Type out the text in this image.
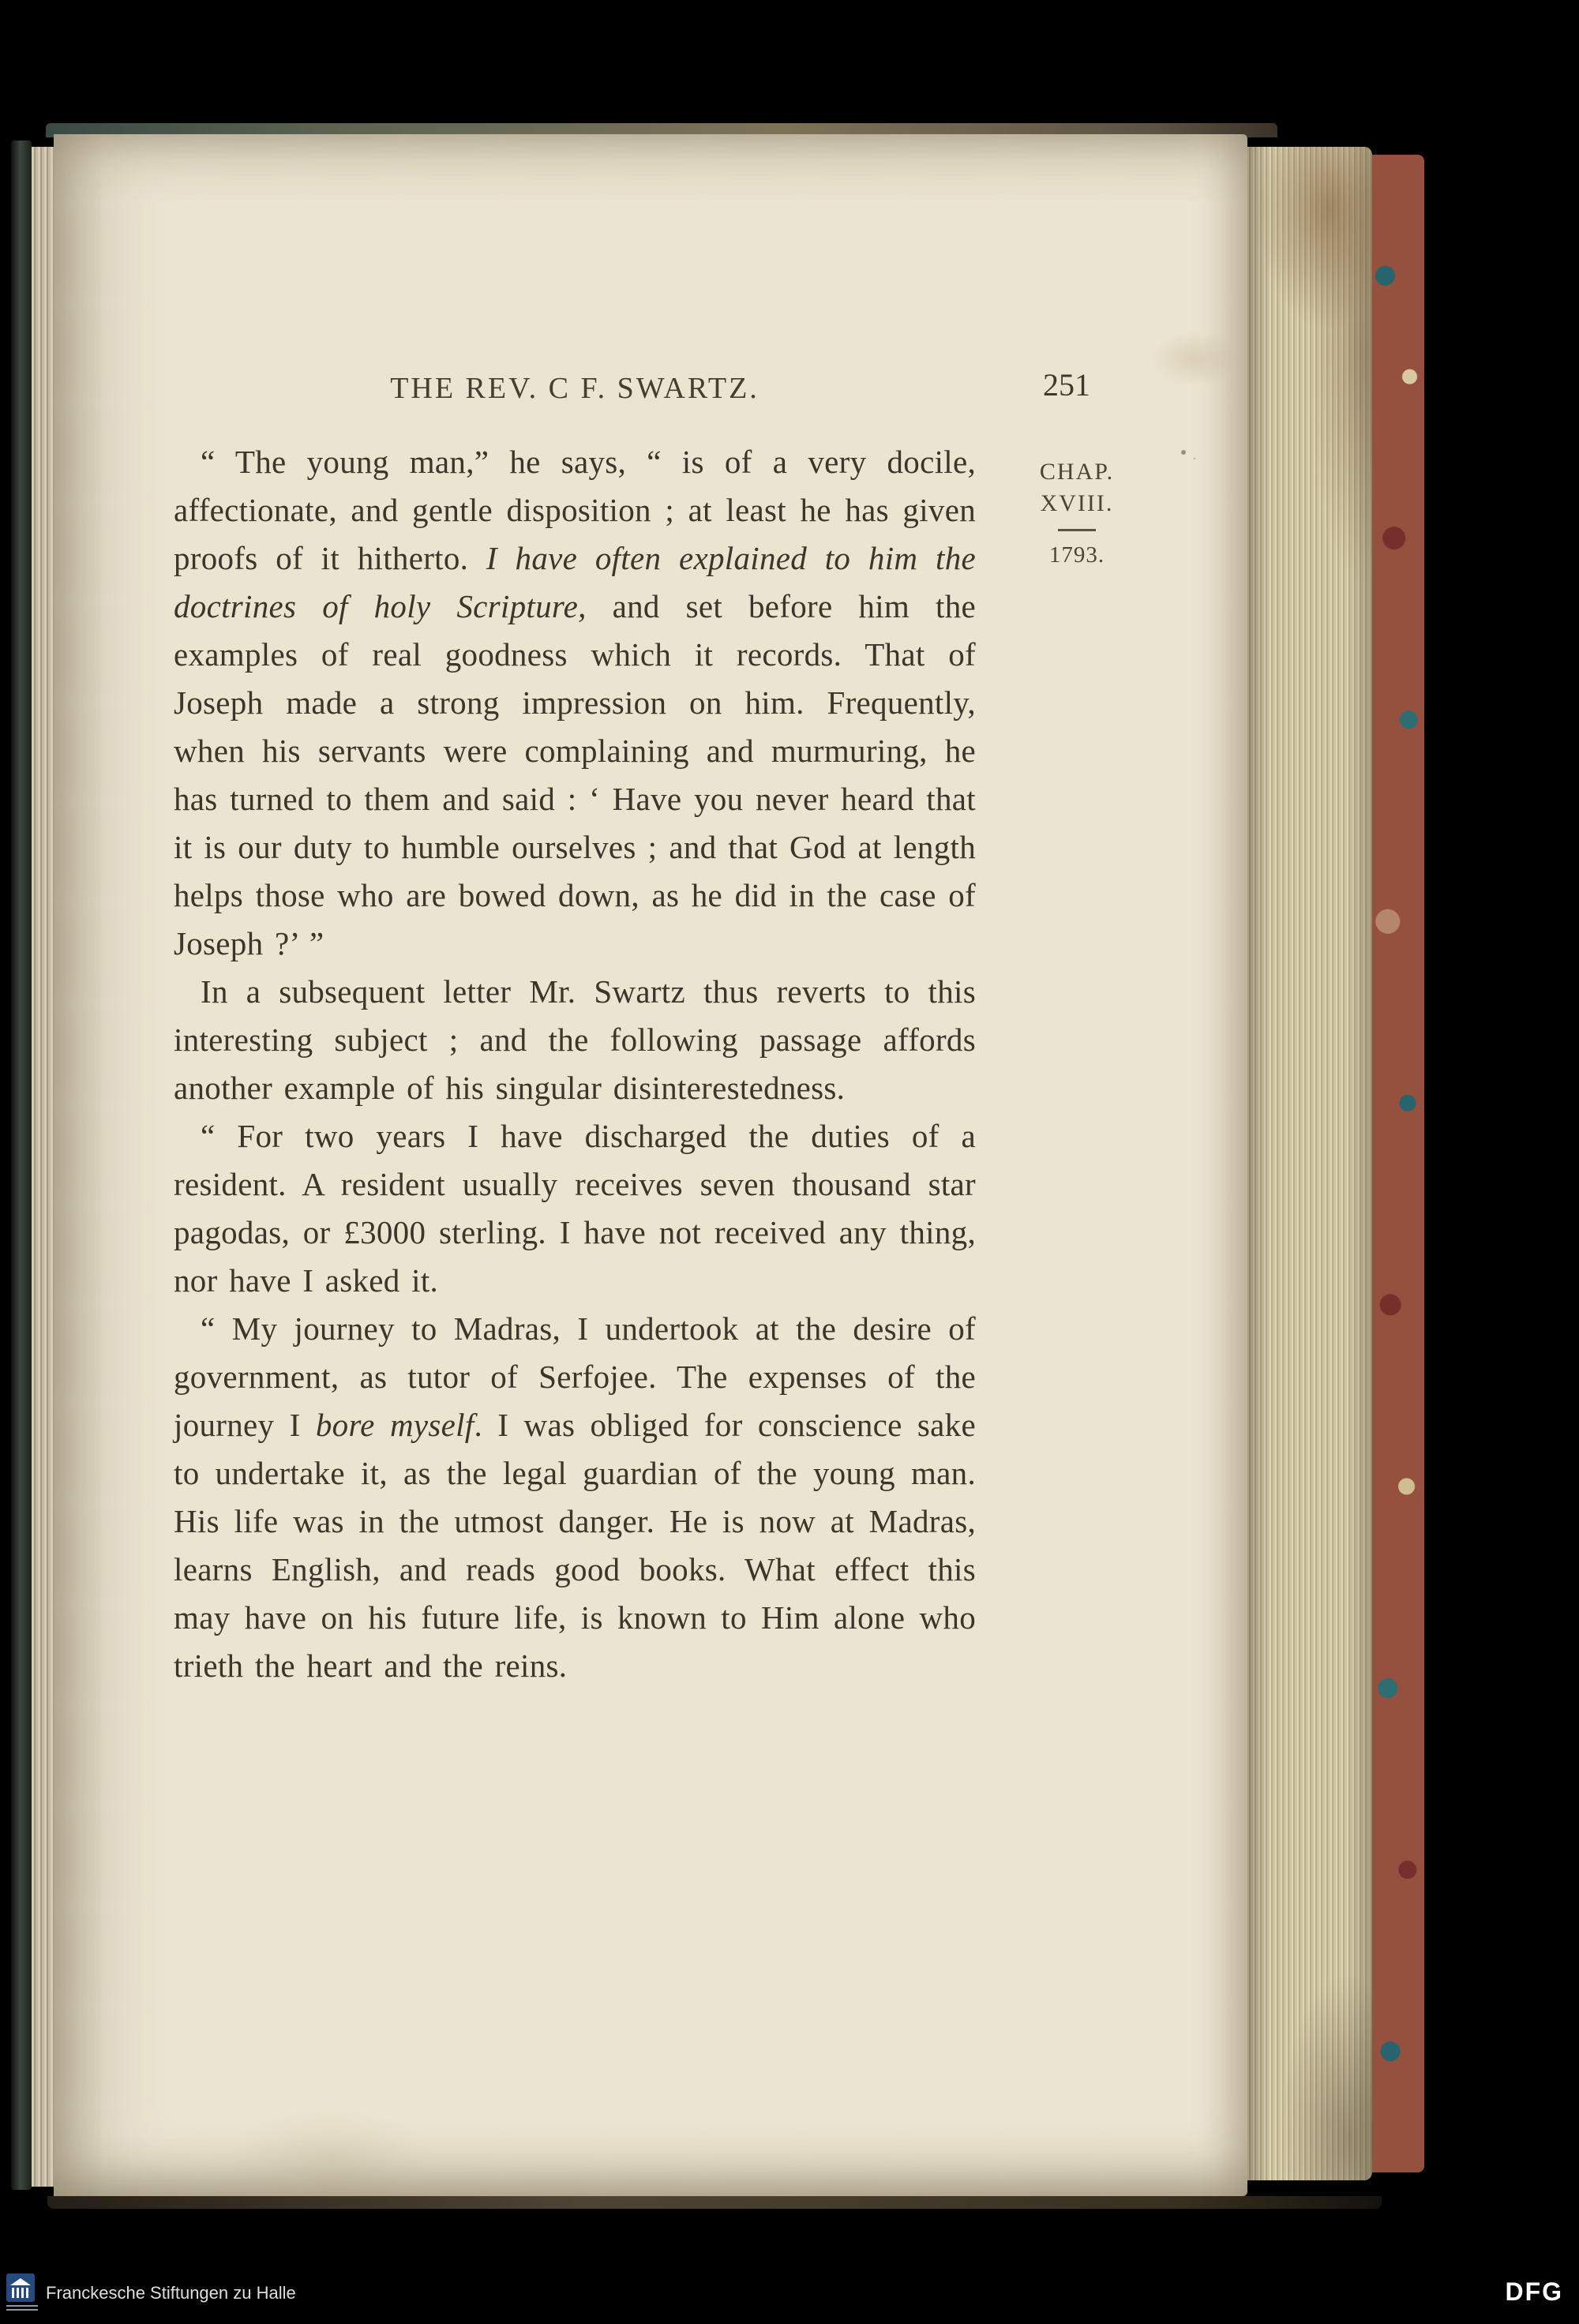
THE REV. C F. SWARTZ.	251
CHAP.
XVIII.
1793.

“ The young man,” he says, “ is of a very docile, affectionate, and gentle disposition ; at least he has given proofs of it hitherto. I have often explained to him the doctrines of holy Scripture, and set before him the examples of real goodness which it records. That of Joseph made a strong impression on him. Frequently, when his servants were complaining and murmuring, he has turned to them and said : ‘ Have you never heard that it is our duty to humble ourselves ; and that God at length helps those who are bowed down, as he did in the case of Joseph ?’ ”

In a subsequent letter Mr. Swartz thus reverts to this interesting subject ; and the following passage affords another example of his singular disinterestedness.

“ For two years I have discharged the duties of a resident. A resident usually receives seven thousand star pagodas, or £3000 sterling. I have not received any thing, nor have I asked it.

“ My journey to Madras, I undertook at the desire of government, as tutor of Serfojee. The expenses of the journey I bore myself. I was obliged for conscience sake to undertake it, as the legal guardian of the young man. His life was in the utmost danger. He is now at Madras, learns English, and reads good books. What effect this may have on his future life, is known to Him alone who trieth the heart and the reins.

Franckesche Stiftungen zu Halle	DFG
